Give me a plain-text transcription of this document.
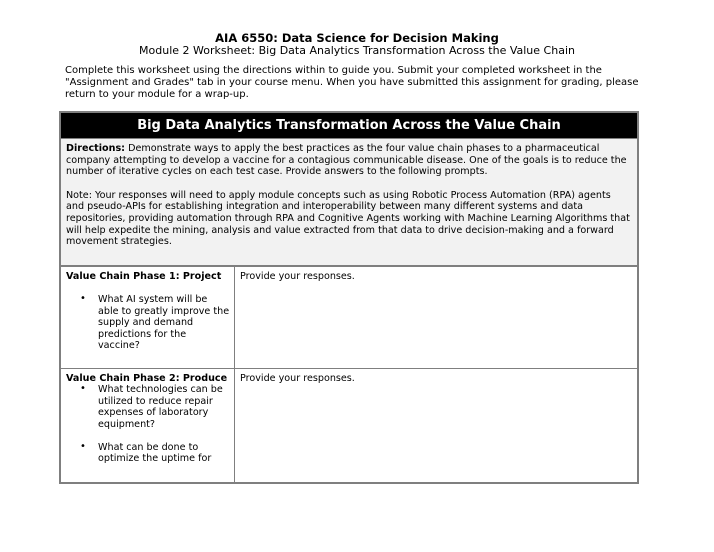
AIA 6550: Data Science for Decision Making
Module 2 Worksheet: Big Data Analytics Transformation Across the Value Chain
Complete this worksheet using the directions within to guide you. Submit your completed worksheet in the
"Assignment and Grades" tab in your course menu. When you have submitted this assignment for grading, please
return to your module for a wrap-up.
Big Data Analytics Transformation Across the Value Chain

Directions: Demonstrate ways to apply the best practices as the four value chain phases to a pharmaceutical company attempting to develop a vaccine for a contagious communicable disease. One of the goals is to reduce the number of iterative cycles on each test case. Provide answers to the following prompts.

Note: Your responses will need to apply module concepts such as using Robotic Process Automation (RPA) agents and pseudo-APIs for establishing integration and interoperability between many different systems and data repositories, providing automation through RPA and Cognitive Agents working with Machine Learning Algorithms that will help expedite the mining, analysis and value extracted from that data to drive decision-making and a forward movement strategies.

Value Chain Phase 1: Project
• What AI system will be able to greatly improve the supply and demand predictions for the vaccine?
Provide your responses.
Value Chain Phase 2: Produce
• What technologies can be utilized to reduce repair expenses of laboratory equipment?
• What can be done to optimize the uptime for
Provide your responses.
